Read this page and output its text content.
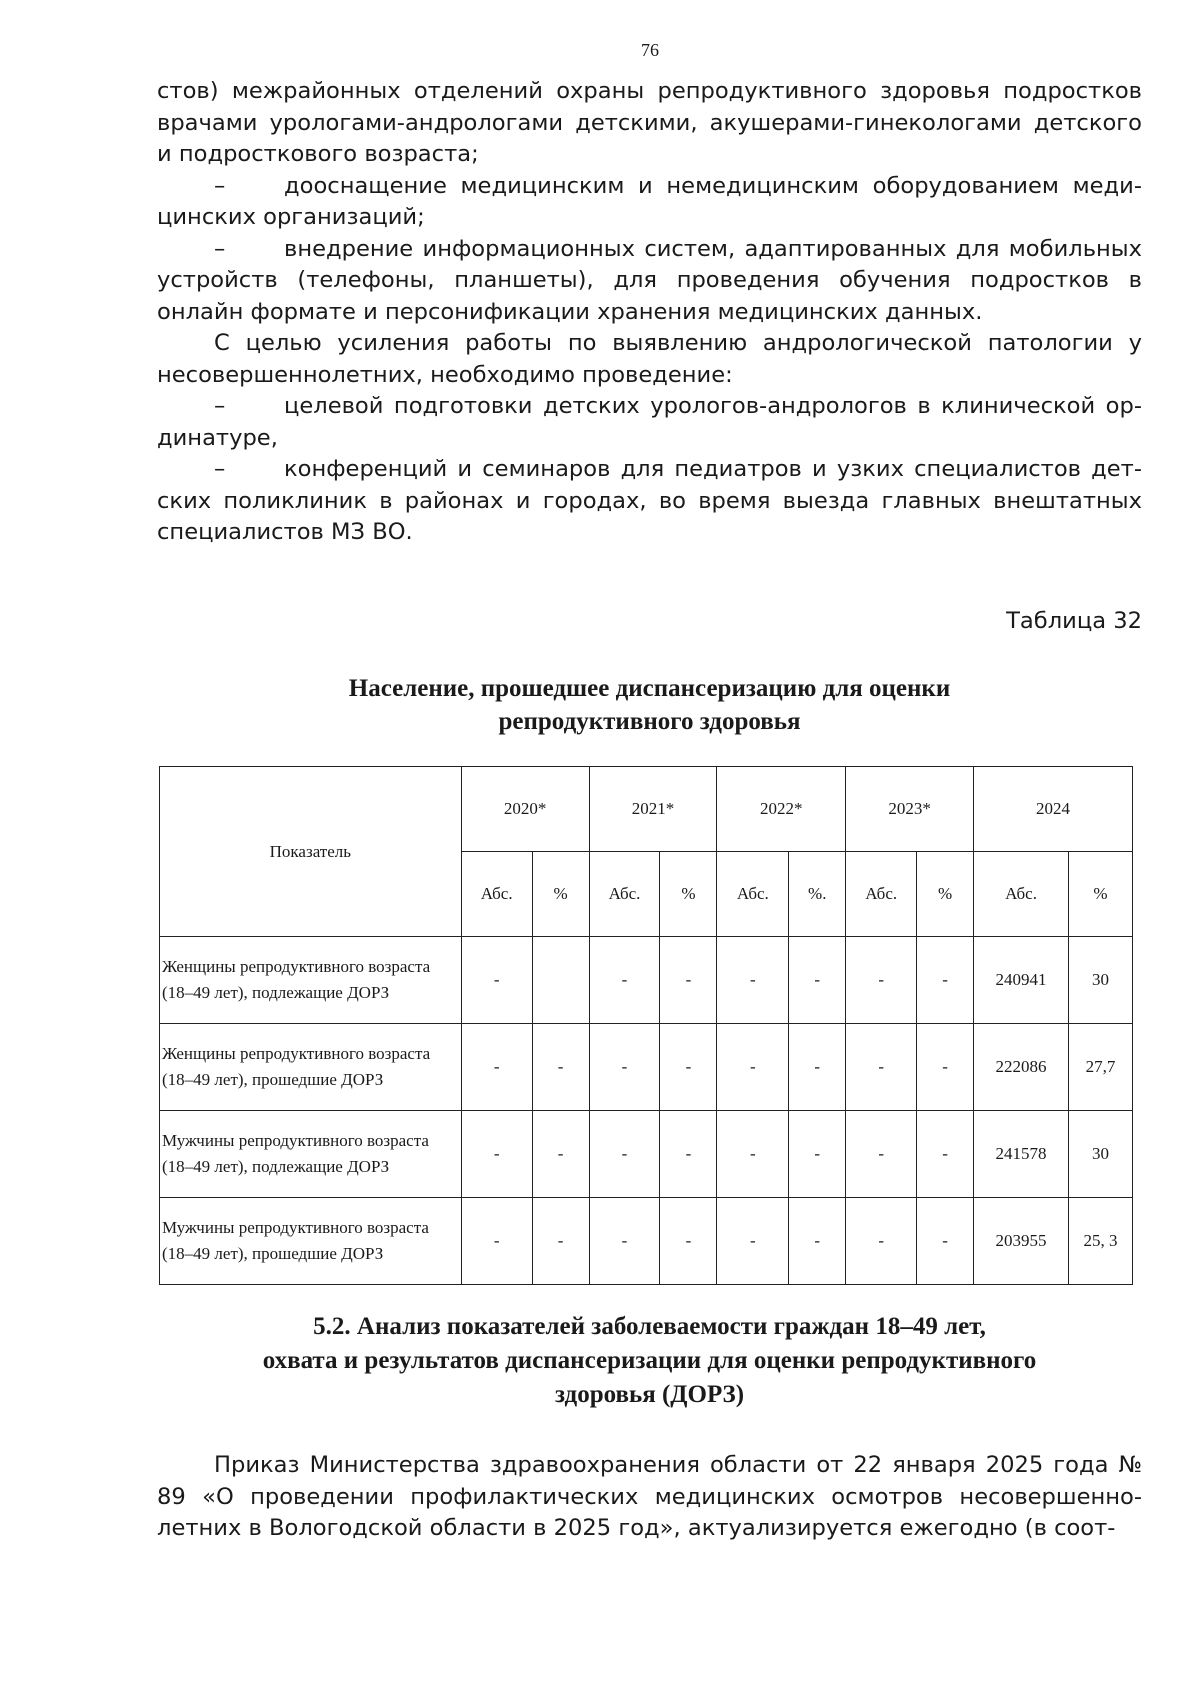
76

стов) межрайонных отделений охраны репродуктивного здоровья подростков врачами урологами-андрологами детскими, акушерами-гинекологами детского и подросткового возраста;

–	дооснащение медицинским и немедицинским оборудованием медицинских организаций;

–	внедрение информационных систем, адаптированных для мобильных устройств (телефоны, планшеты), для проведения обучения подростков в онлайн формате и персонификации хранения медицинских данных.

С целью усиления работы по выявлению андрологической патологии у несовершеннолетних, необходимо проведение:

–	целевой подготовки детских урологов-андрологов в клинической ординатуре,

–	конференций и семинаров для педиатров и узких специалистов детских поликлиник в районах и городах, во время выезда главных внештатных специалистов МЗ ВО.

Таблица 32
Население, прошедшее диспансеризацию для оценки
репродуктивного здоровья
Показатель	2020*		2021*		2022*		2023*		2024	
	Абс.	%	Абс.	%	Абс.	%.	Абс.	%	Абс.	%
Женщины репродуктивного возраста (18–49 лет), подлежащие ДОРЗ	-		-	-	-	-	-	-	240941	30
Женщины репродуктивного возраста (18–49 лет), прошедшие ДОРЗ	-	-	-	-	-	-	-	-	222086	27,7
Мужчины репродуктивного возраста (18–49 лет), подлежащие ДОРЗ	-	-	-	-	-	-	-	-	241578	30
Мужчины репродуктивного возраста (18–49 лет), прошедшие ДОРЗ	-	-	-	-	-	-	-	-	203955	25, 3
5.2. Анализ показателей заболеваемости граждан 18–49 лет,
охвата и результатов диспансеризации для оценки репродуктивного
здоровья (ДОРЗ)

Приказ Министерства здравоохранения области от 22 января 2025 года № 89 «О проведении профилактических медицинских осмотров несовершеннолетних в Вологодской области в 2025 год», актуализируется ежегодно (в соот-
